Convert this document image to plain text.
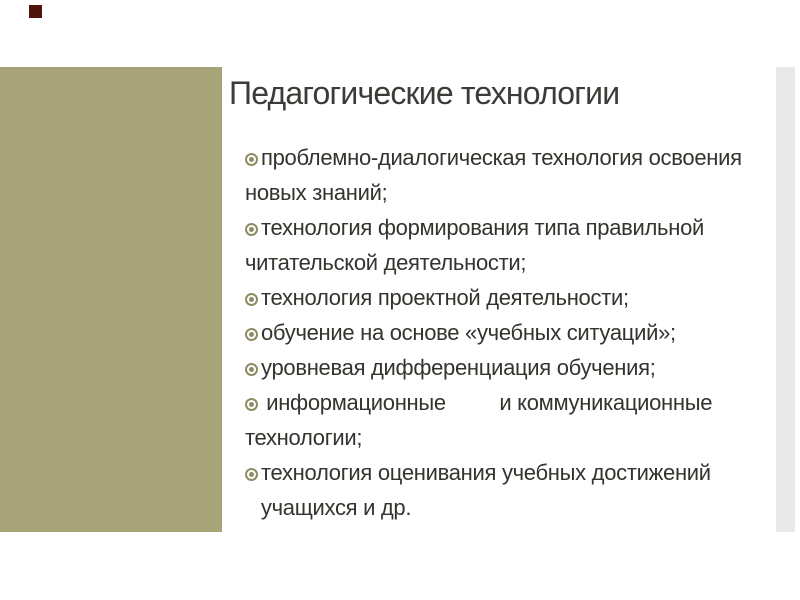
Педагогические технологии
проблемно-диалогическая технология освоения
новых знаний;
технология формирования типа правильной
читательской деятельности;
технология проектной деятельности;
обучение на основе «учебных ситуаций»;
уровневая дифференциация обучения;
 информационные     и коммуникационные
технологии;
технология оценивания учебных достижений
  учащихся и др.
